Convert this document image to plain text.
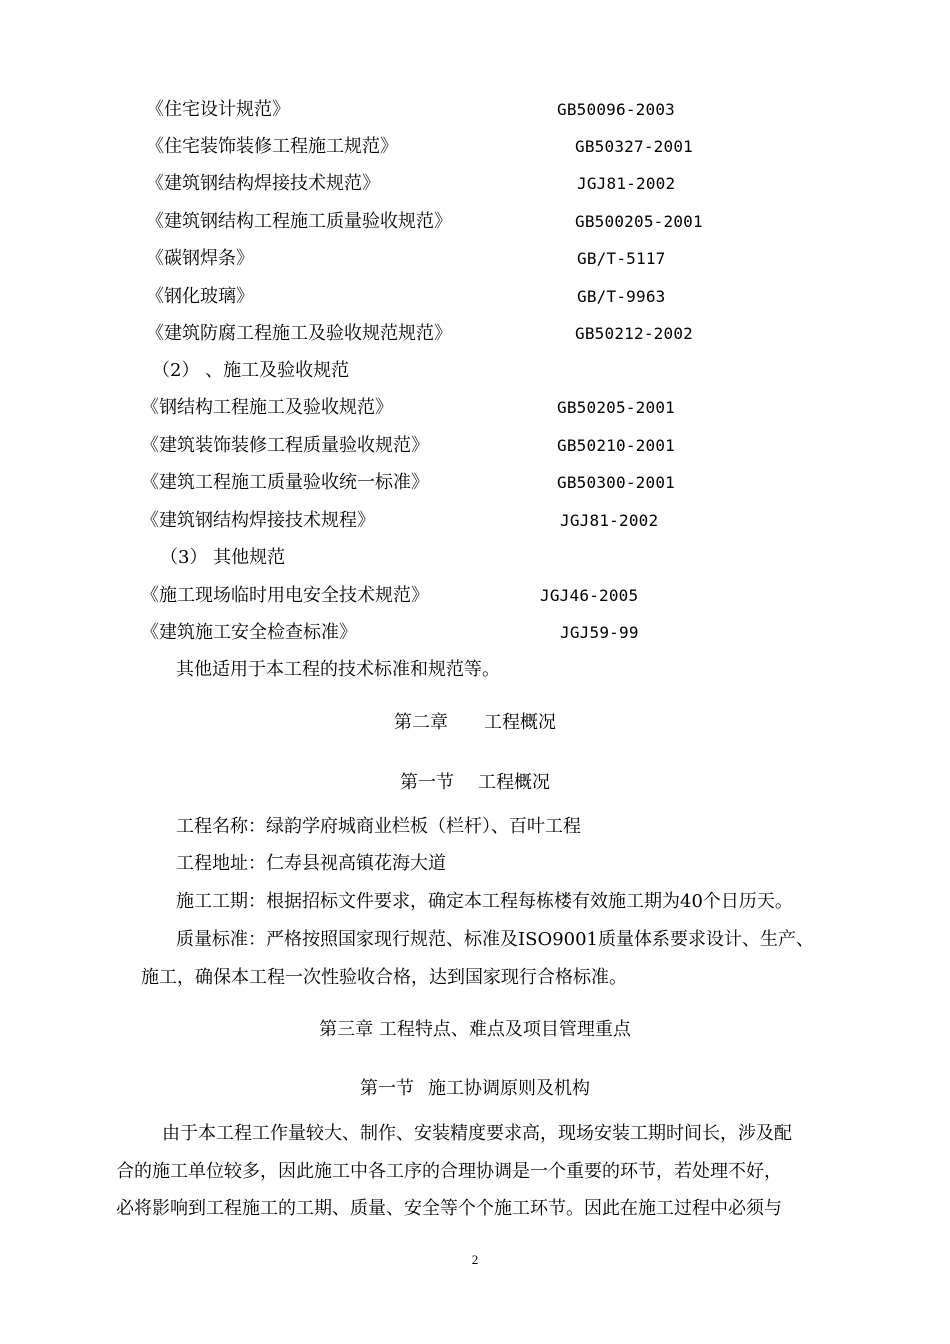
《住宅设计规范》	GB50096-2003
《住宅装饰装修工程施工规范》	GB50327-2001
《建筑钢结构焊接技术规范》	JGJ81-2002
《建筑钢结构工程施工质量验收规范》	GB500205-2001
《碳钢焊条》	GB/T-5117
《钢化玻璃》	GB/T-9963
《建筑防腐工程施工及验收规范规范》	GB50212-2002
（2） 、施工及验收规范
《钢结构工程施工及验收规范》	GB50205-2001
《建筑装饰装修工程质量验收规范》	GB50210-2001
《建筑工程施工质量验收统一标准》	GB50300-2001
《建筑钢结构焊接技术规程》	JGJ81-2002
（3） 其他规范
《施工现场临时用电安全技术规范》	JGJ46-2005
《建筑施工安全检查标准》	JGJ59-99
其他适用于本工程的技术标准和规范等。
第二章 工程概况
第一节 工程概况
工程名称：绿韵学府城商业栏板（栏杆）、百叶工程
工程地址：仁寿县视高镇花海大道
施工工期：根据招标文件要求，确定本工程每栋楼有效施工期为40个日历天。
质量标准：严格按照国家现行规范、标准及ISO9001质量体系要求设计、生产、
施工，确保本工程一次性验收合格，达到国家现行合格标准。
第三章 工程特点、难点及项目管理重点
第一节 施工协调原则及机构
由于本工程工作量较大、制作、安装精度要求高，现场安装工期时间长，涉及配
合的施工单位较多，因此施工中各工序的合理协调是一个重要的环节，若处理不好，
必将影响到工程施工的工期、质量、安全等个个施工环节。因此在施工过程中必须与
2
